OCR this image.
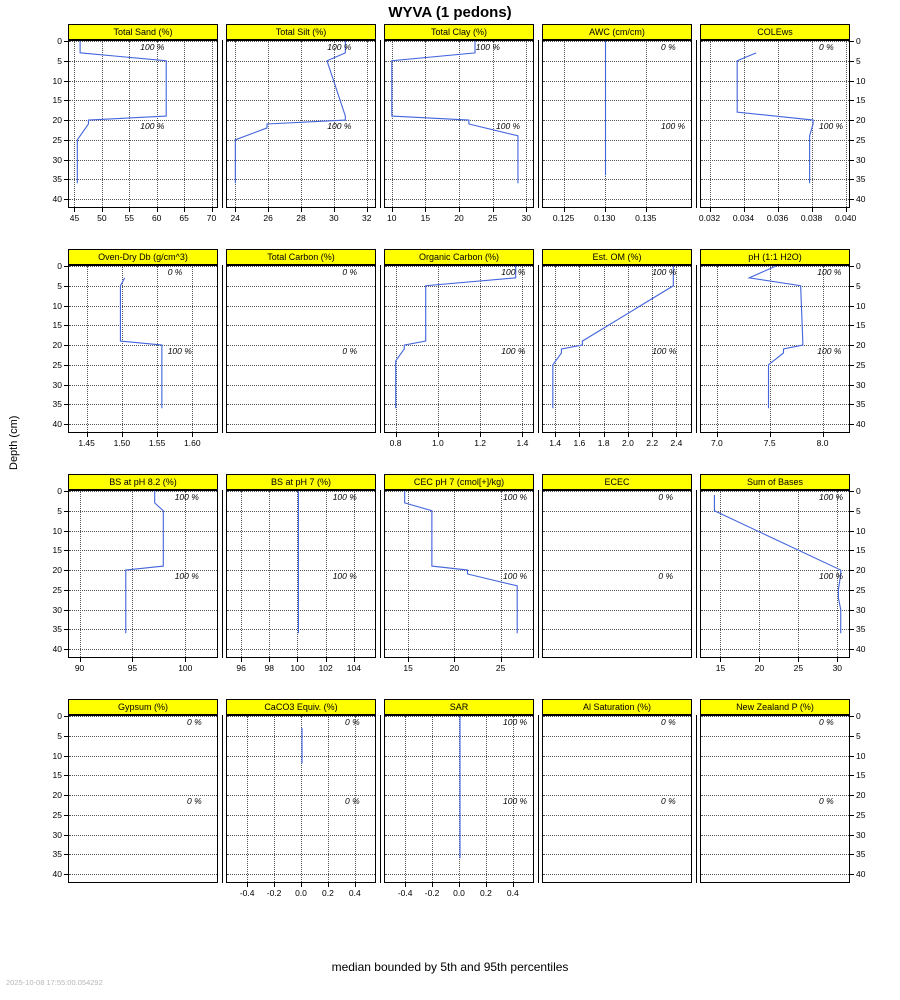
WYVA (1 pedons)
Total Sand (%)
100 %
100 %
45 50 55 60 65 70
0
5
10
15
20
25
30
35
40
Total Silt (%)
100 %
100 %
24	26	28	30	32
Total Clay (%)
100 %
100 %
10	15	20	25	30
AWC (cm/cm)
0 %
100 %
0.125 0.130 0.135
COLEws
0 %
100 %
0.032 0.034 0.036 0.038 0.040
0
5
10
15
20
25
30
35
40
Oven-Dry Db (g/cm^3)
0 %
100 %
1.45 1.50 1.55 1.60
0
5
10
15
20
25
30
35
40
Total Carbon (%)
0 %
0 %
Organic Carbon (%)
100 %
100 %
0.8	1.0	1.2	1.4
Est. OM (%)
100 %
100 %
1.4 1.6 1.8 2.0 2.2 2.4
pH (1:1 H2O)
100 %
100 %
7.0	7.5	8.0
0
5
10
15
20
25
30
35
40
BS at pH 8.2 (%)
100 %
100 %
90	95	100
0
5
10
15
20
25
30
35
40
BS at pH 7 (%)
100 %
100 %
96 98 100 102 104
CEC pH 7 (cmol[+]/kg)
100 %
100 %
15	20	25
ECEC
0 %
0 %
Sum of Bases
100 %
100 %
15	20	25	30
0
5
10
15
20
25
30
35
40
Gypsum (%)
0 %
0 %
0
5
10
15
20
25
30
35
40
CaCO3 Equiv. (%)
0 %
0 %
-0.4 -0.2 0.0 0.2 0.4
SAR
100 %
100 %
-0.4 -0.2 0.0 0.2 0.4
Al Saturation (%)
0 %
0 %
New Zealand P (%)
0 %
0 %
0
5
10
15
20
25
30
35
40
Depth (cm)
median bounded by 5th and 95th percentiles
2025-10-08 17:55:00.054292
